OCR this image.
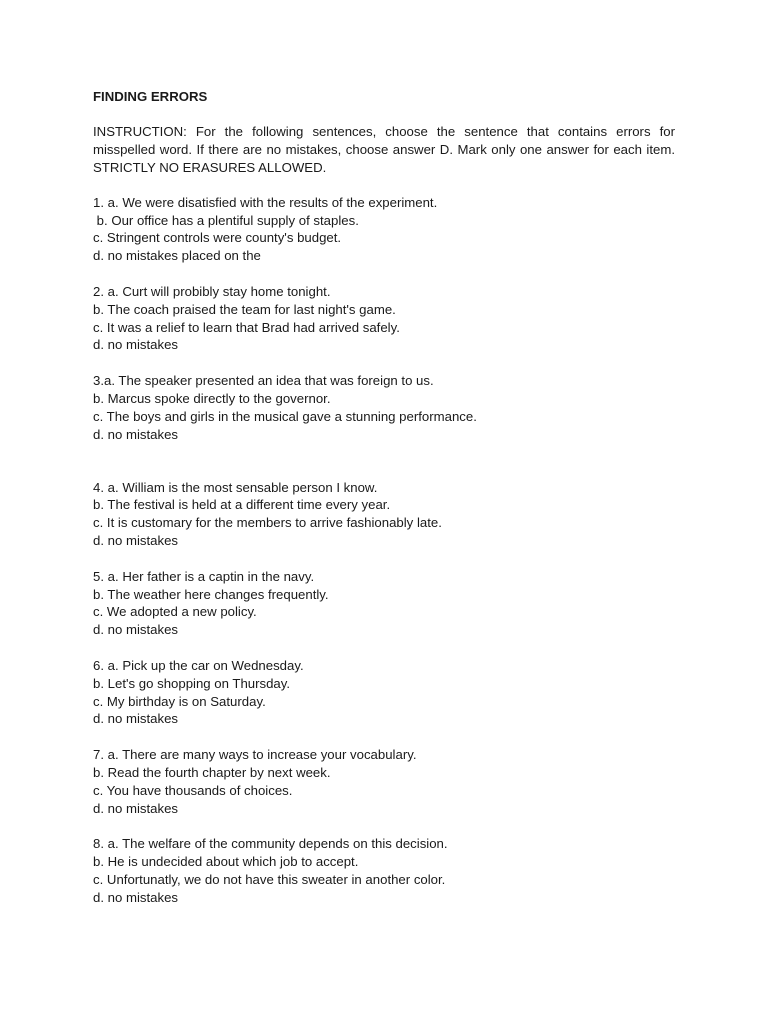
FINDING ERRORS
INSTRUCTION: For the following sentences, choose the sentence that contains errors for misspelled word. If there are no mistakes, choose answer D. Mark only one answer for each item. STRICTLY NO ERASURES ALLOWED.
1. a. We were disatisfied with the results of the experiment.
b. Our office has a plentiful supply of staples.
c. Stringent controls were county's budget.
d. no mistakes placed on the
2. a. Curt will probibly stay home tonight.
b. The coach praised the team for last night's game.
c. It was a relief to learn that Brad had arrived safely.
d. no mistakes
3.a. The speaker presented an idea that was foreign to us.
b. Marcus spoke directly to the governor.
c. The boys and girls in the musical gave a stunning performance.
d. no mistakes
4. a. William is the most sensable person I know.
b. The festival is held at a different time every year.
c. It is customary for the members to arrive fashionably late.
d. no mistakes
5. a. Her father is a captin in the navy.
b. The weather here changes frequently.
c. We adopted a new policy.
d. no mistakes
6. a. Pick up the car on Wednesday.
b. Let's go shopping on Thursday.
c. My birthday is on Saturday.
d. no mistakes
7. a. There are many ways to increase your vocabulary.
b. Read the fourth chapter by next week.
c. You have thousands of choices.
d. no mistakes
8. a. The welfare of the community depends on this decision.
b. He is undecided about which job to accept.
c. Unfortunatly, we do not have this sweater in another color.
d. no mistakes
